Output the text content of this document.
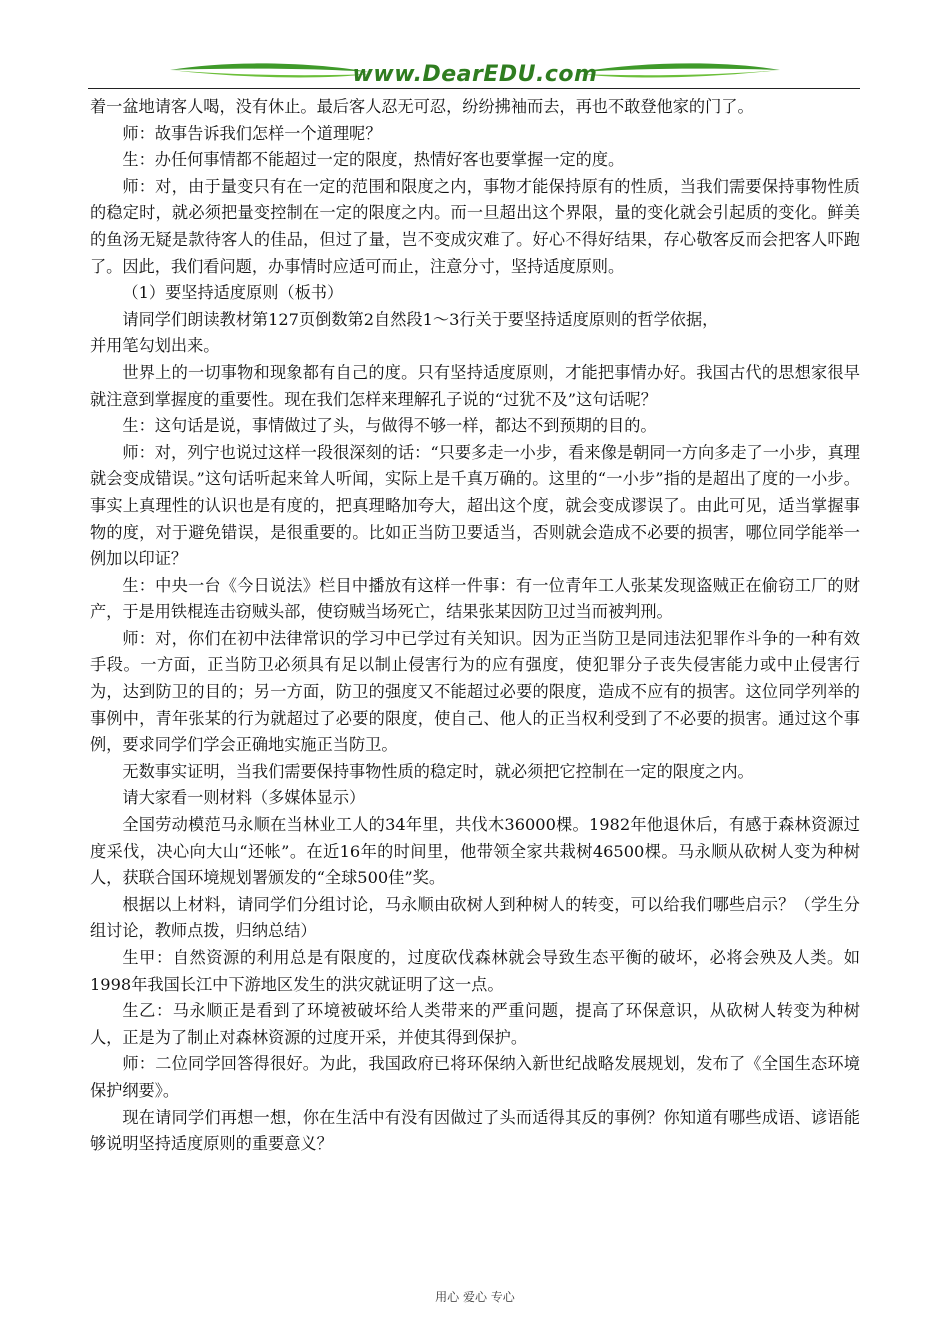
www.DearEDU.com

着一盆地请客人喝，没有休止。最后客人忍无可忍，纷纷拂袖而去，再也不敢登他家的门了。

师：故事告诉我们怎样一个道理呢？

生：办任何事情都不能超过一定的限度，热情好客也要掌握一定的度。

师：对，由于量变只有在一定的范围和限度之内，事物才能保持原有的性质，当我们需要保持事物性质的稳定时，就必须把量变控制在一定的限度之内。而一旦超出这个界限，量的变化就会引起质的变化。鲜美的鱼汤无疑是款待客人的佳品，但过了量，岂不变成灾难了。好心不得好结果，存心敬客反而会把客人吓跑了。因此，我们看问题，办事情时应适可而止，注意分寸，坚持适度原则。

（1）要坚持适度原则（板书）

请同学们朗读教材第127页倒数第2自然段1～3行关于要坚持适度原则的哲学依据，

并用笔勾划出来。

世界上的一切事物和现象都有自己的度。只有坚持适度原则，才能把事情办好。我国古代的思想家很早就注意到掌握度的重要性。现在我们怎样来理解孔子说的“过犹不及”这句话呢？

生：这句话是说，事情做过了头，与做得不够一样，都达不到预期的目的。

师：对，列宁也说过这样一段很深刻的话：“只要多走一小步，看来像是朝同一方向多走了一小步，真理就会变成错误。”这句话听起来耸人听闻，实际上是千真万确的。这里的“一小步”指的是超出了度的一小步。事实上真理性的认识也是有度的，把真理略加夸大，超出这个度，就会变成谬误了。由此可见，适当掌握事物的度，对于避免错误，是很重要的。比如正当防卫要适当，否则就会造成不必要的损害，哪位同学能举一例加以印证？

生：中央一台《今日说法》栏目中播放有这样一件事：有一位青年工人张某发现盗贼正在偷窃工厂的财产，于是用铁棍连击窃贼头部，使窃贼当场死亡，结果张某因防卫过当而被判刑。

师：对，你们在初中法律常识的学习中已学过有关知识。因为正当防卫是同违法犯罪作斗争的一种有效手段。一方面，正当防卫必须具有足以制止侵害行为的应有强度，使犯罪分子丧失侵害能力或中止侵害行为，达到防卫的目的；另一方面，防卫的强度又不能超过必要的限度，造成不应有的损害。这位同学列举的事例中，青年张某的行为就超过了必要的限度，使自己、他人的正当权利受到了不必要的损害。通过这个事例，要求同学们学会正确地实施正当防卫。

无数事实证明，当我们需要保持事物性质的稳定时，就必须把它控制在一定的限度之内。

请大家看一则材料（多媒体显示）

全国劳动模范马永顺在当林业工人的34年里，共伐木36000棵。1982年他退休后，有感于森林资源过度采伐，决心向大山“还帐”。在近16年的时间里，他带领全家共栽树46500棵。马永顺从砍树人变为种树人，获联合国环境规划署颁发的“全球500佳”奖。

根据以上材料，请同学们分组讨论，马永顺由砍树人到种树人的转变，可以给我们哪些启示？（学生分组讨论，教师点拨，归纳总结）

生甲：自然资源的利用总是有限度的，过度砍伐森林就会导致生态平衡的破坏，必将会殃及人类。如1998年我国长江中下游地区发生的洪灾就证明了这一点。

生乙：马永顺正是看到了环境被破坏给人类带来的严重问题，提高了环保意识，从砍树人转变为种树人，正是为了制止对森林资源的过度开采，并使其得到保护。

师：二位同学回答得很好。为此，我国政府已将环保纳入新世纪战略发展规划，发布了《全国生态环境保护纲要》。

现在请同学们再想一想，你在生活中有没有因做过了头而适得其反的事例？你知道有哪些成语、谚语能够说明坚持适度原则的重要意义？

用心 爱心 专心
